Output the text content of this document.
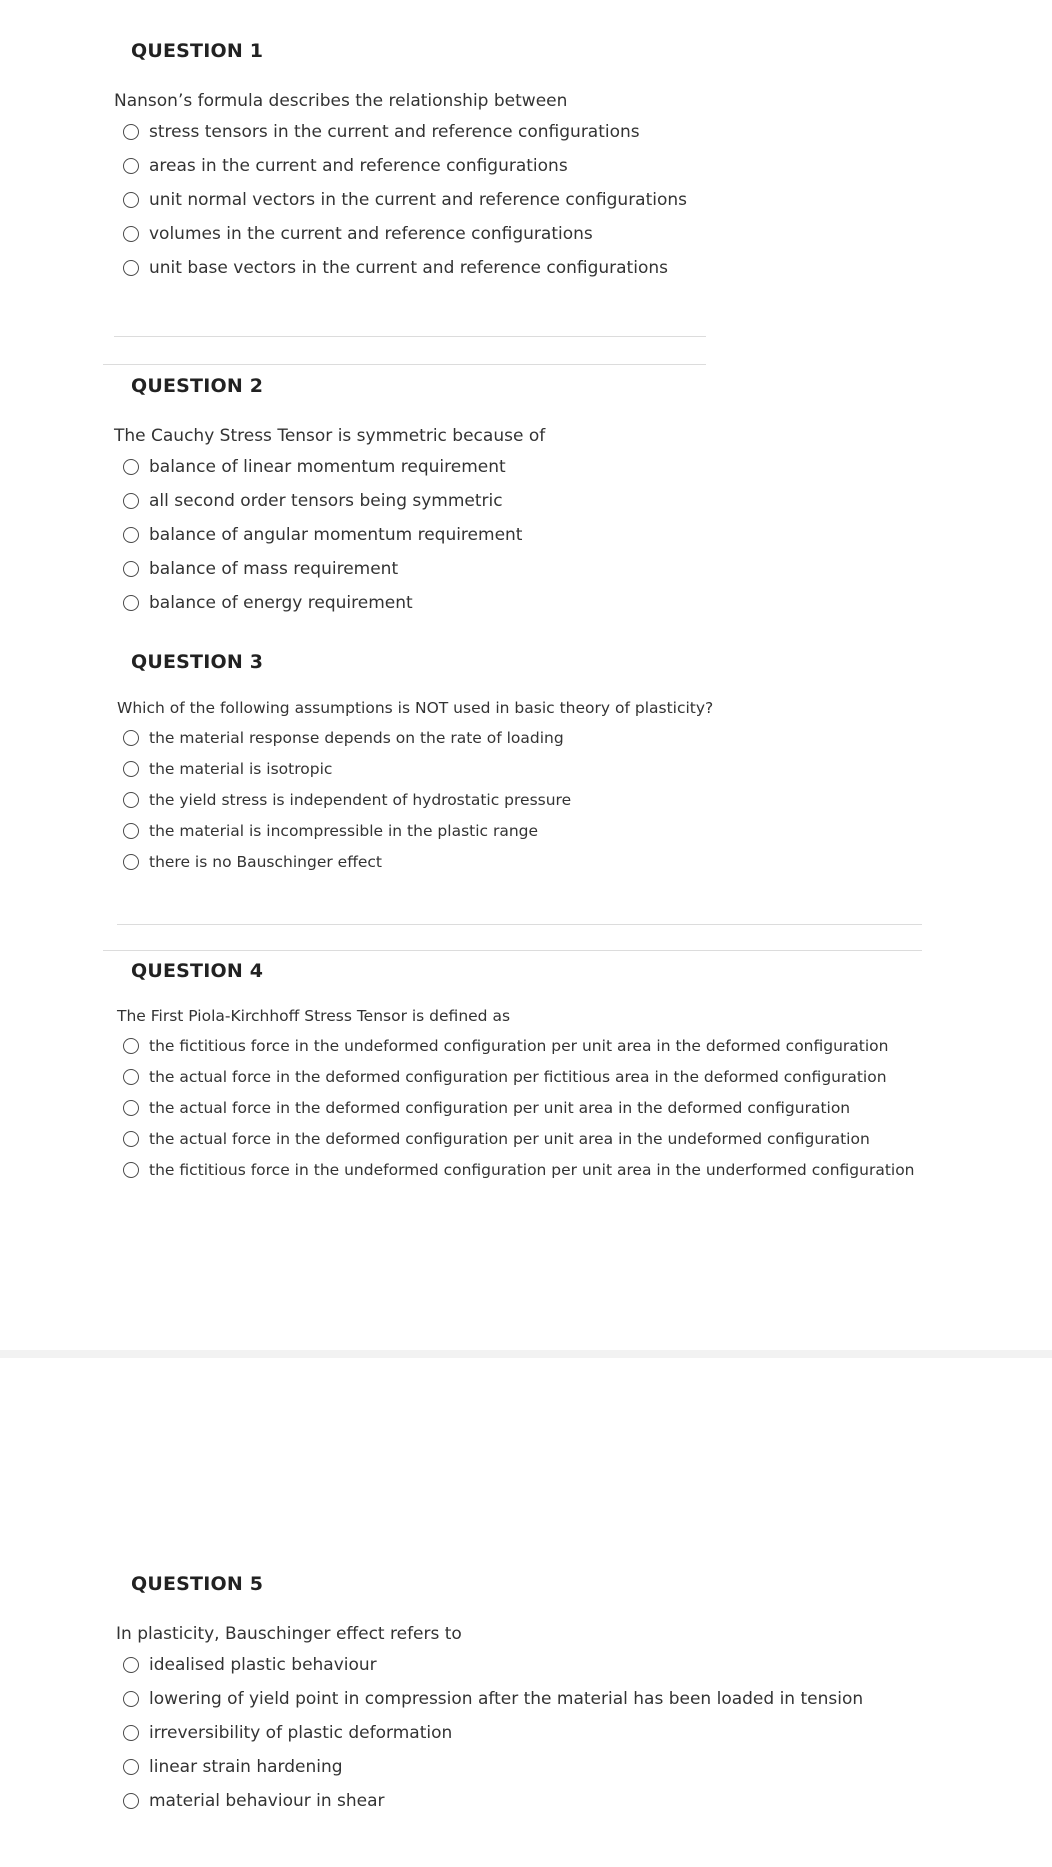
QUESTION 1
Nanson’s formula describes the relationship between
stress tensors in the current and reference configurations
areas in the current and reference configurations
unit normal vectors in the current and reference configurations
volumes in the current and reference configurations
unit base vectors in the current and reference configurations
QUESTION 2
The Cauchy Stress Tensor is symmetric because of
balance of linear momentum requirement
all second order tensors being symmetric
balance of angular momentum requirement
balance of mass requirement
balance of energy requirement
QUESTION 3
Which of the following assumptions is NOT used in basic theory of plasticity?
the material response depends on the rate of loading
the material is isotropic
the yield stress is independent of hydrostatic pressure
the material is incompressible in the plastic range
there is no Bauschinger effect
QUESTION 4
The First Piola-Kirchhoff Stress Tensor is defined as
the fictitious force in the undeformed configuration per unit area in the deformed configuration
the actual force in the deformed configuration per fictitious area in the deformed configuration
the actual force in the deformed configuration per unit area in the deformed configuration
the actual force in the deformed configuration per unit area in the undeformed configuration
the fictitious force in the undeformed configuration per unit area in the underformed configuration
QUESTION 5
In plasticity, Bauschinger effect refers to
idealised plastic behaviour
lowering of yield point in compression after the material has been loaded in tension
irreversibility of plastic deformation
linear strain hardening
material behaviour in shear
